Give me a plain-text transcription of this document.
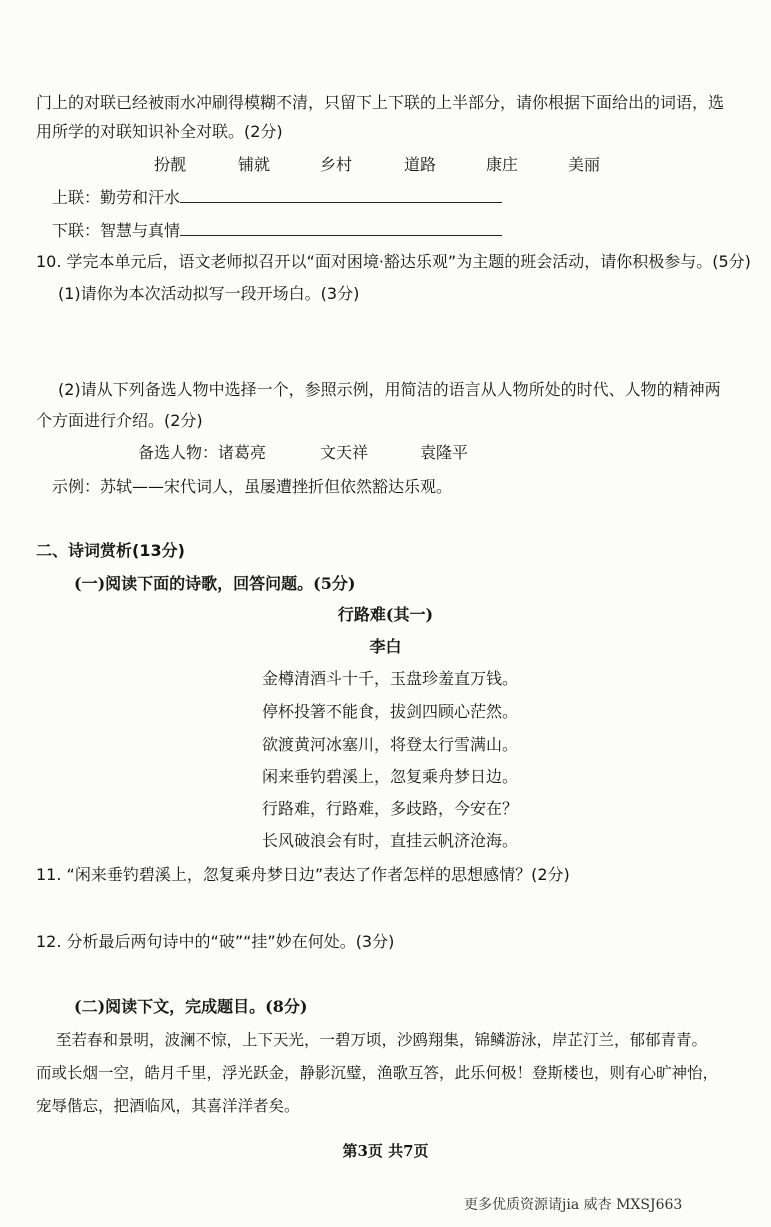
门上的对联已经被雨水冲刷得模糊不清，只留下上下联的上半部分，请你根据下面给出的词语，选
用所学的对联知识补全对联。(2分)
扮靓	铺就	乡村	道路	康庄	美丽
上联：勤劳和汗水
下联：智慧与真情
10. 学完本单元后，语文老师拟召开以“面对困境·豁达乐观”为主题的班会活动，请你积极参与。(5分)
(1)请你为本次活动拟写一段开场白。(3分)
(2)请从下列备选人物中选择一个，参照示例，用简洁的语言从人物所处的时代、人物的精神两
个方面进行介绍。(2分)
备选人物：诸葛亮	文天祥	袁隆平
示例：苏轼——宋代词人，虽屡遭挫折但依然豁达乐观。
二、诗词赏析(13分)
(一)阅读下面的诗歌，回答问题。(5分)
行路难(其一)
李白
金樽清酒斗十千，玉盘珍羞直万钱。
停杯投箸不能食，拔剑四顾心茫然。
欲渡黄河冰塞川，将登太行雪满山。
闲来垂钓碧溪上，忽复乘舟梦日边。
行路难，行路难，多歧路，今安在？
长风破浪会有时，直挂云帆济沧海。
11. “闲来垂钓碧溪上，忽复乘舟梦日边”表达了作者怎样的思想感情？(2分)
12. 分析最后两句诗中的“破”“挂”妙在何处。(3分)
(二)阅读下文，完成题目。(8分)
至若春和景明，波澜不惊，上下天光，一碧万顷，沙鸥翔集，锦鳞游泳，岸芷汀兰，郁郁青青。
而或长烟一空，皓月千里，浮光跃金，静影沉璧，渔歌互答，此乐何极！登斯楼也，则有心旷神怡，
宠辱偕忘，把酒临风，其喜洋洋者矣。
第3页 共7页
更多优质资源请jia 威杏 MXSJ663
